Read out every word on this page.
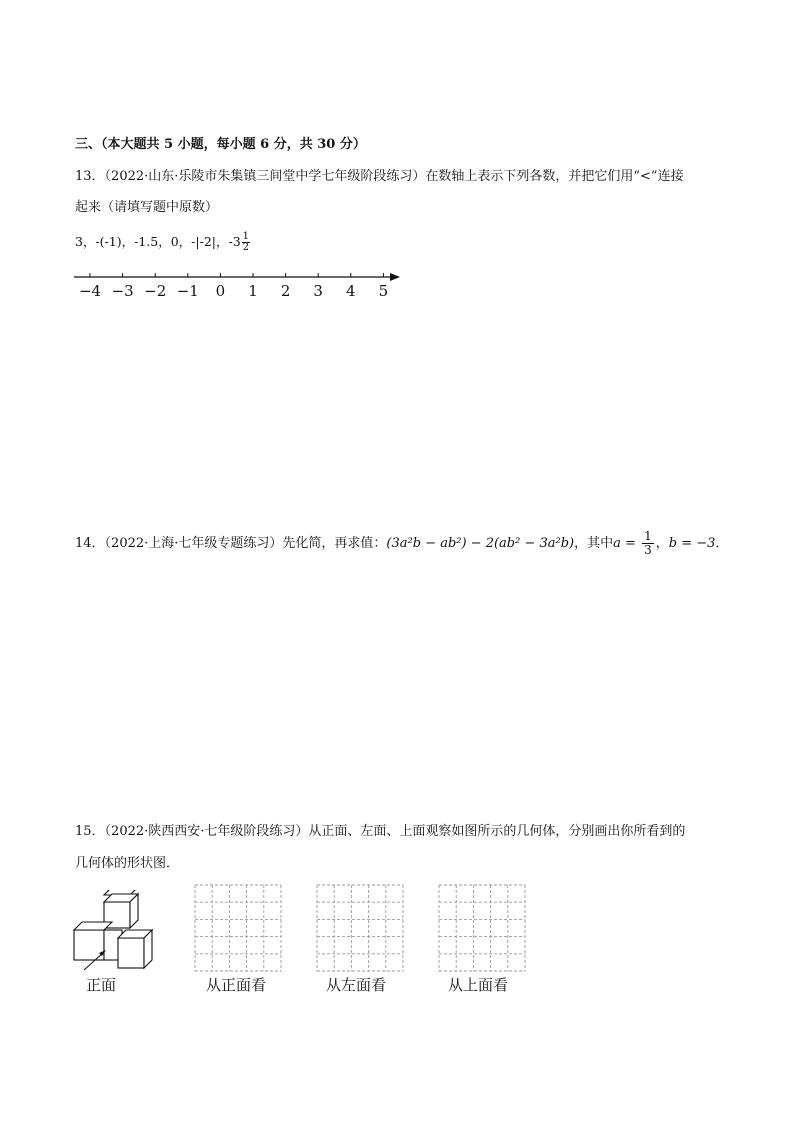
三、（本大题共 5 小题，每小题 6 分，共 30 分）
13．（2022·山东·乐陵市朱集镇三间堂中学七年级阶段练习）在数轴上表示下列各数，并把它们用“<”连接
起来（请填写题中原数）
3，-(-1)，-1.5，0，-|-2|，$-3 \frac{1}{2}$
−4 −3 −2 −1 0 1 2 3 4 5
14．（2022·上海·七年级专题练习）先化简，再求值：(3a²b − ab²) − 2(ab² − 3a²b)，其中$a = \frac{1}{3}$ ，b = −3．
15．（2022·陕西西安·七年级阶段练习）从正面、左面、上面观察如图所示的几何体，分别画出你所看到的
几何体的形状图．
正面	从正面看	从左面看	从上面看
